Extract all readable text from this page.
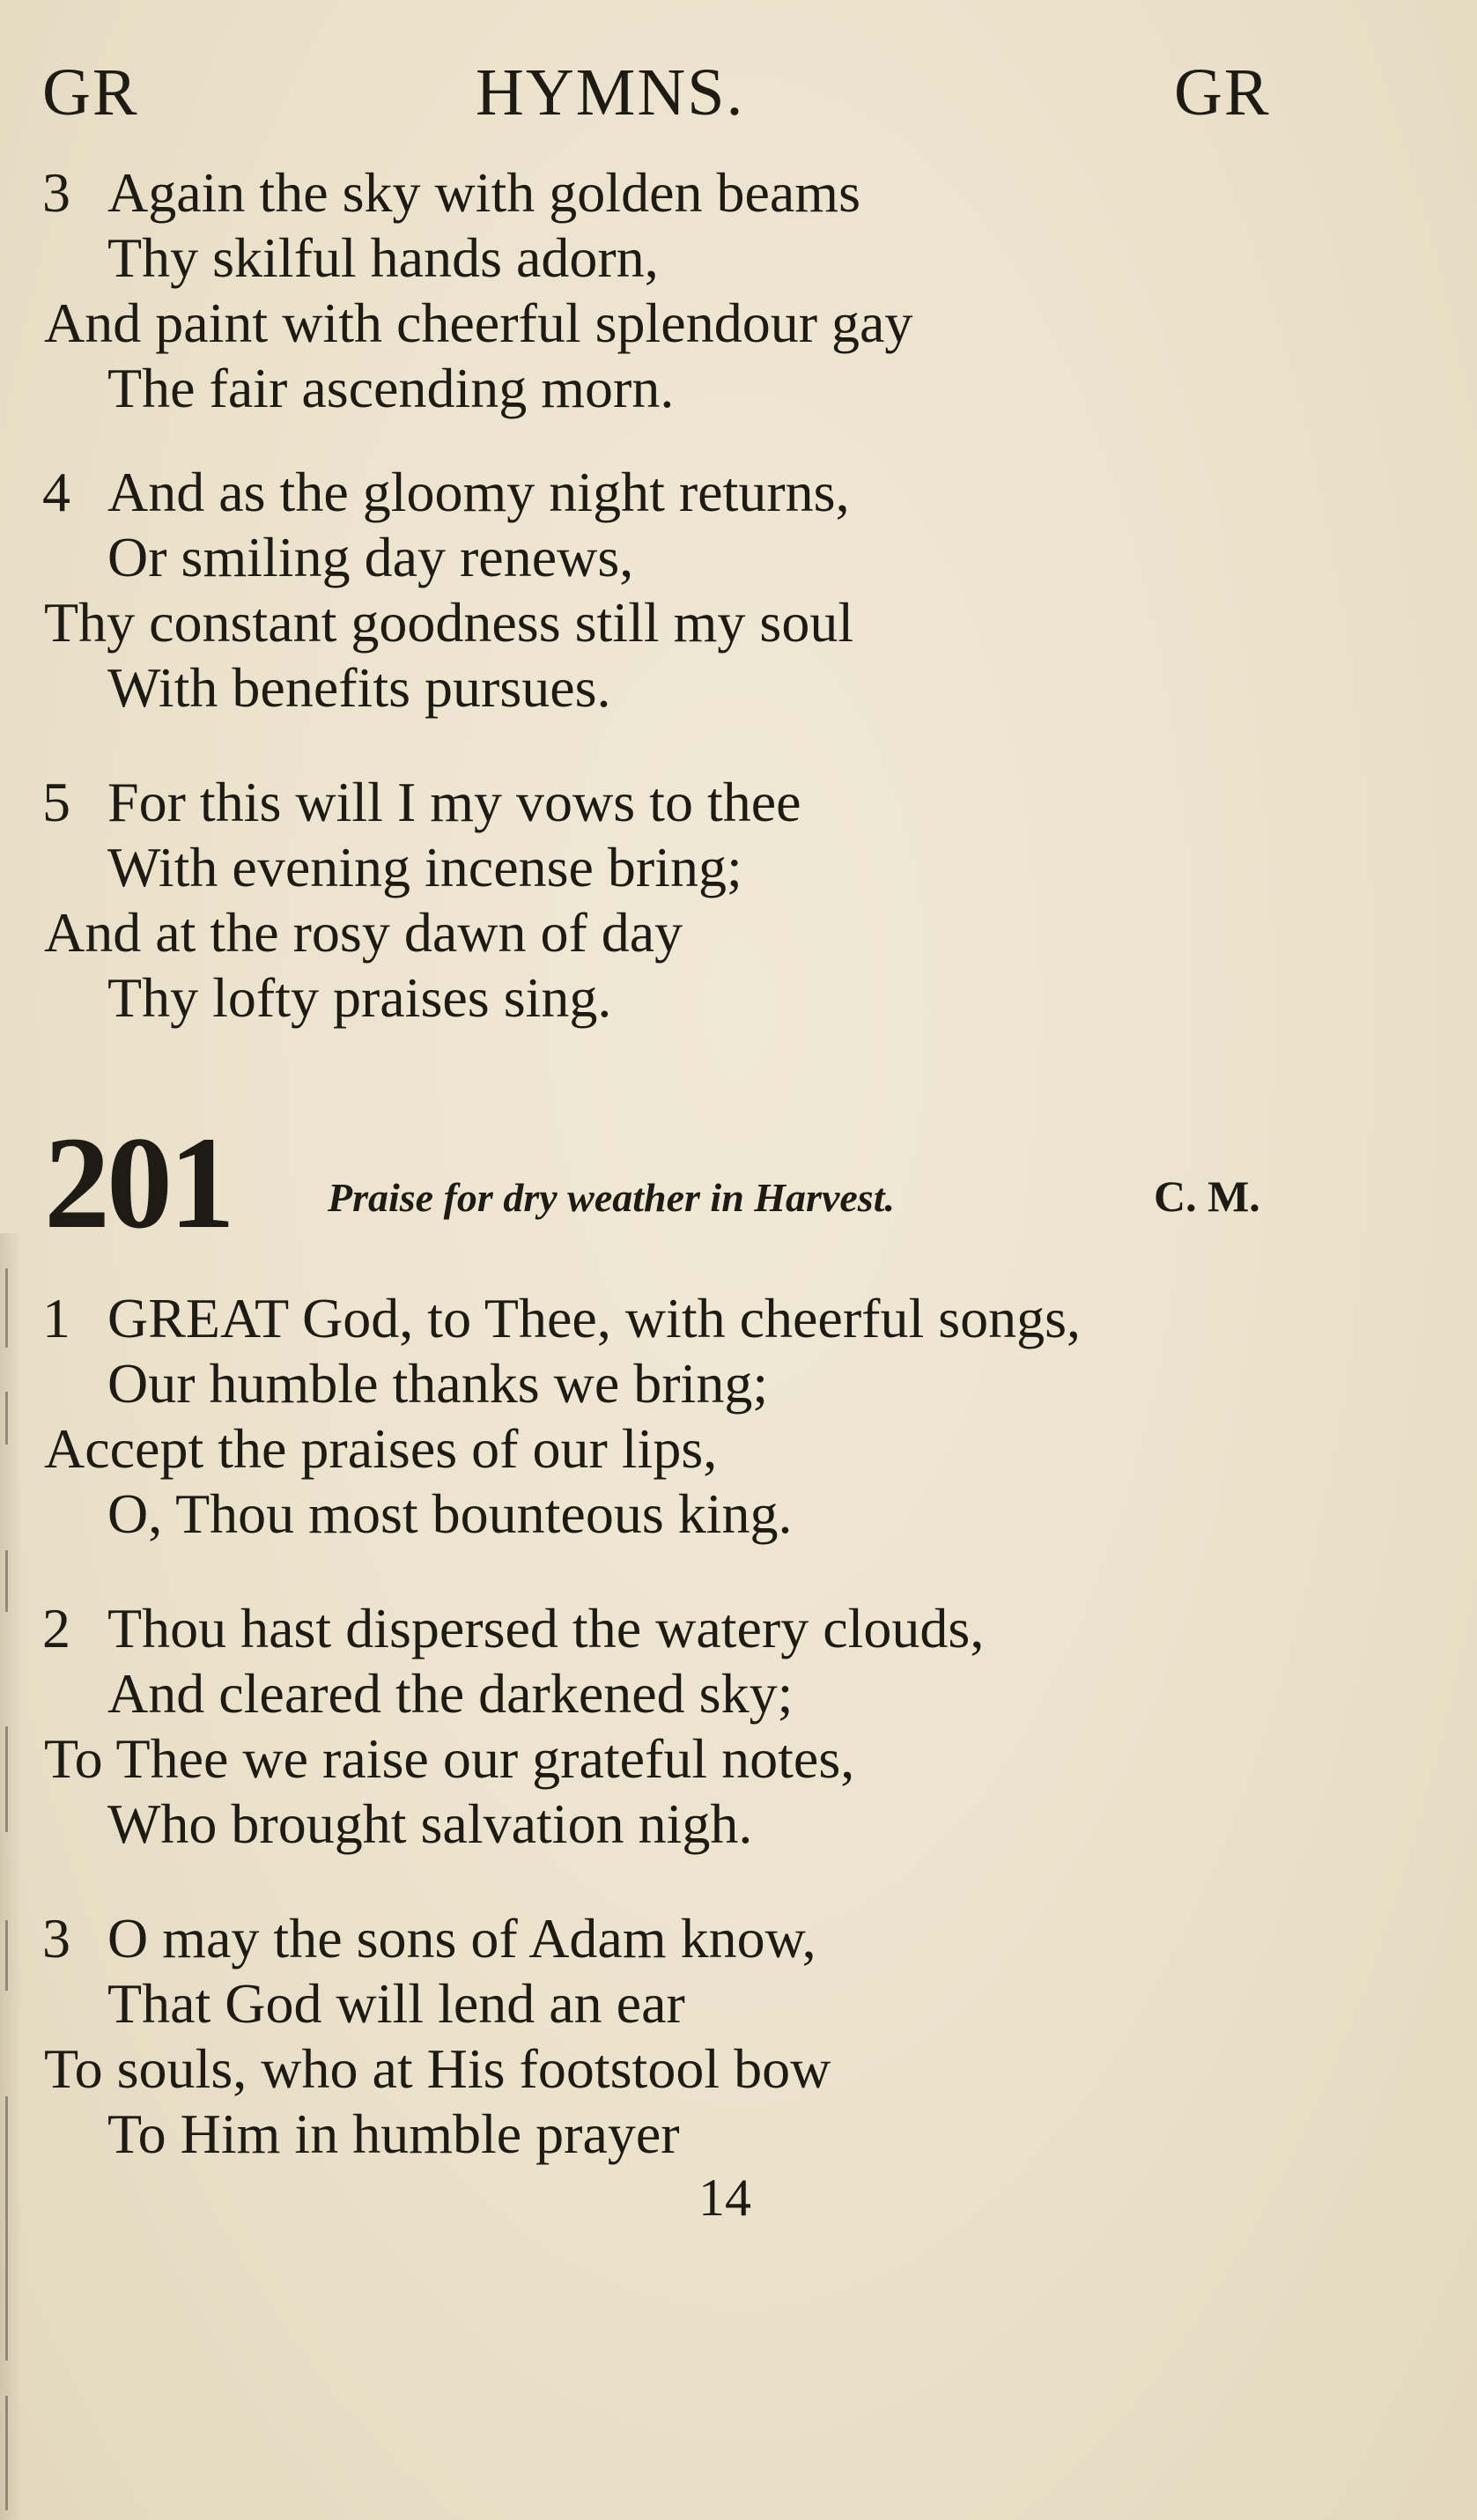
GR	HYMNS.	GR
3 Again the sky with golden beams
Thy skilful hands adorn,
And paint with cheerful splendour gay
The fair ascending morn.
4 And as the gloomy night returns,
Or smiling day renews,
Thy constant goodness still my soul
With benefits pursues.
5 For this will I my vows to thee
With evening incense bring;
And at the rosy dawn of day
Thy lofty praises sing.
201 Praise for dry weather in Harvest.	C. M.
1 GREAT God, to Thee, with cheerful songs,
Our humble thanks we bring;
Accept the praises of our lips,
O, Thou most bounteous king.
2 Thou hast dispersed the watery clouds,
And cleared the darkened sky;
To Thee we raise our grateful notes,
Who brought salvation nigh.
3 O may the sons of Adam know,
That God will lend an ear
To souls, who at His footstool bow
To Him in humble prayer
14
